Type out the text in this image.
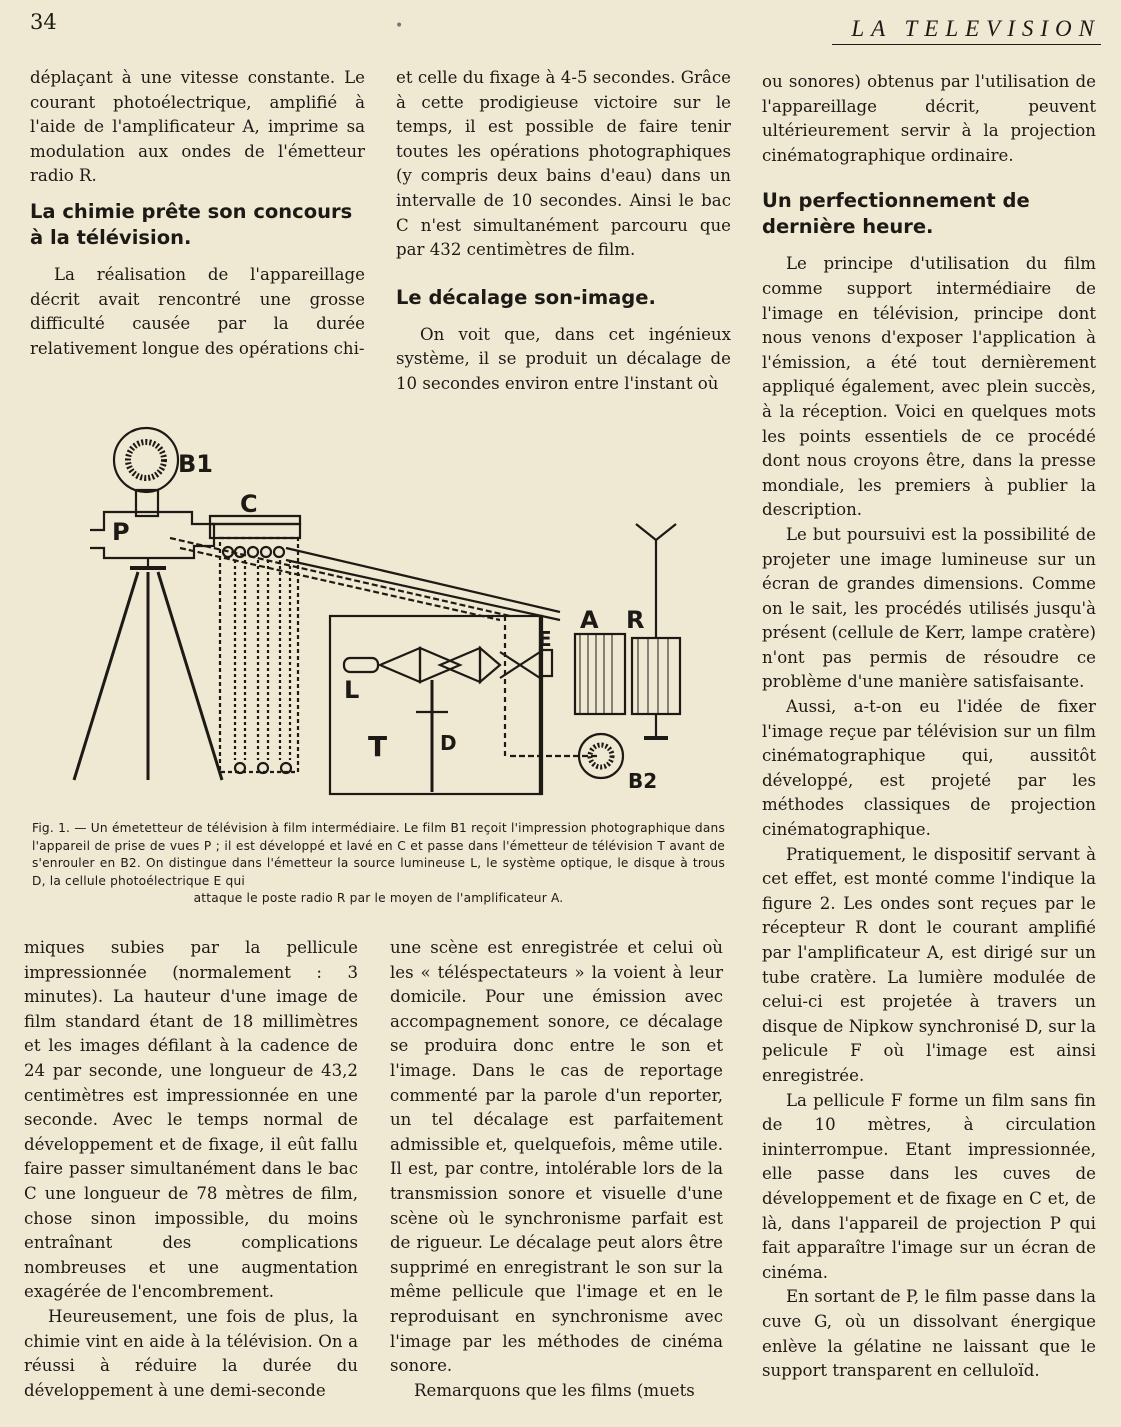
34	•	LA TELEVISION

déplaçant à une vitesse constante. Le courant photoélectrique, amplifié à l'aide de l'amplificateur A, imprime sa modulation aux ondes de l'émetteur radio R.

La chimie prête son concours à la télévision.

La réalisation de l'appareillage décrit avait rencontré une grosse difficulté causée par la durée relativement longue des opérations chi-

et celle du fixage à 4-5 secondes. Grâce à cette prodigieuse victoire sur le temps, il est possible de faire tenir toutes les opérations photographiques (y compris deux bains d'eau) dans un intervalle de 10 secondes. Ainsi le bac C n'est simultanément parcouru que par 432 centimètres de film.

Le décalage son-image.

On voit que, dans cet ingénieux système, il se produit un décalage de 10 secondes environ entre l'instant où

ou sonores) obtenus par l'utilisation de l'appareillage décrit, peuvent ultérieurement servir à la projection cinématographique ordinaire.

Un perfectionnement de dernière heure.

Le principe d'utilisation du film comme support intermédiaire de l'image en télévision, principe dont nous venons d'exposer l'application à l'émission, a été tout dernièrement appliqué également, avec plein succès, à la réception. Voici en quelques mots les points essentiels de ce procédé dont nous croyons être, dans la presse mondiale, les premiers à publier la description.

Le but poursuivi est la possibilité de projeter une image lumineuse sur un écran de grandes dimensions. Comme on le sait, les procédés utilisés jusqu'à présent (cellule de Kerr, lampe cratère) n'ont pas permis de résoudre ce problème d'une manière satisfaisante.

Aussi, a-t-on eu l'idée de fixer l'image reçue par télévision sur un film cinématographique qui, aussitôt développé, est projeté par les méthodes classiques de projection cinématographique.

Pratiquement, le dispositif servant à cet effet, est monté comme l'indique la figure 2. Les ondes sont reçues par le récepteur R dont le courant amplifié par l'amplificateur A, est dirigé sur un tube cratère. La lumière modulée de celui-ci est projetée à travers un disque de Nipkow synchronisé D, sur la pelicule F où l'image est ainsi enregistrée.

La pellicule F forme un film sans fin de 10 mètres, à circulation ininterrompue. Etant impressionnée, elle passe dans les cuves de développement et de fixage en C et, de là, dans l'appareil de projection P qui fait apparaître l'image sur un écran de cinéma.

En sortant de P, le film passe dans la cuve G, où un dissolvant énergique enlève la gélatine ne laissant que le support transparent en celluloïd.

B1
C
P
A R
E
L
T	D
B2
Fig. 1. — Un émetetteur de télévision à film intermédiaire. Le film B1 reçoit l'impression photographique dans l'appareil de prise de vues P ; il est développé et lavé en C et passe dans l'émetteur de télévision T avant de s'enrouler en B2. On distingue dans l'émetteur la source lumineuse L, le système optique, le disque à trous D, la cellule photoélectrique E qui
attaque le poste radio R par le moyen de l'amplificateur A.

miques subies par la pellicule impressionnée (normalement : 3 minutes). La hauteur d'une image de film standard étant de 18 millimètres et les images défilant à la cadence de 24 par seconde, une longueur de 43,2 centimètres est impressionnée en une seconde. Avec le temps normal de développement et de fixage, il eût fallu faire passer simultanément dans le bac C une longueur de 78 mètres de film, chose sinon impossible, du moins entraînant des complications nombreuses et une augmentation exagérée de l'encombrement.

Heureusement, une fois de plus, la chimie vint en aide à la télévision. On a réussi à réduire la durée du développement à une demi-seconde

une scène est enregistrée et celui où les « téléspectateurs » la voient à leur domicile. Pour une émission avec accompagnement sonore, ce décalage se produira donc entre le son et l'image. Dans le cas de reportage commenté par la parole d'un reporter, un tel décalage est parfaitement admissible et, quelquefois, même utile. Il est, par contre, intolérable lors de la transmission sonore et visuelle d'une scène où le synchronisme parfait est de rigueur. Le décalage peut alors être supprimé en enregistrant le son sur la même pellicule que l'image et en le reproduisant en synchronisme avec l'image par les méthodes de cinéma sonore.

Remarquons que les films (muets
